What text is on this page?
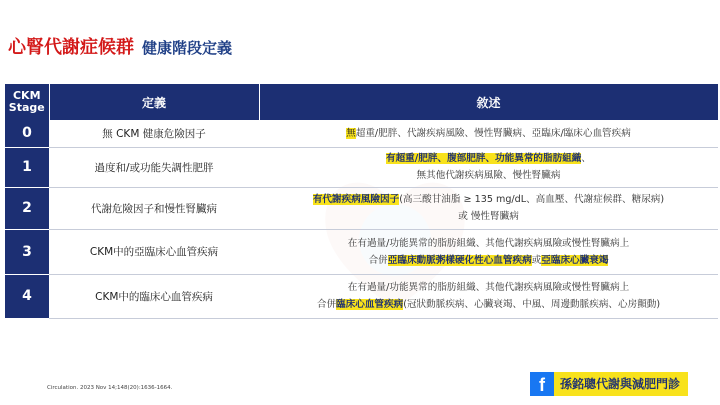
心腎代謝症候群 健康階段定義
CKM
Stage	定義	敘述
0	無 CKM 健康危險因子	無超重/肥胖、代謝疾病風險、慢性腎臟病、亞臨床/臨床心血管疾病
1	過度和/或功能失調性肥胖	有超重/肥胖、腹部肥胖、功能異常的脂肪組織、
無其他代謝疾病風險、慢性腎臟病
2	代謝危險因子和慢性腎臟病	有代謝疾病風險因子(高三酸甘油脂 ≥ 135 mg/dL、高血壓、代謝症候群、糖尿病)
或 慢性腎臟病
3	CKM中的亞臨床心血管疾病	在有過量/功能異常的脂肪組織、其他代謝疾病風險或慢性腎臟病上
合併亞臨床動脈粥樣硬化性心血管疾病或亞臨床心臟衰竭
4	CKM中的臨床心血管疾病	在有過量/功能異常的脂肪組織、其他代謝疾病風險或慢性腎臟病上
合併臨床心血管疾病(冠狀動脈疾病、心臟衰竭、中風、周邊動脈疾病、心房顫動)
Circulation. 2023 Nov 14;148(20):1636-1664.	f	孫銘聰代謝與減肥門診
